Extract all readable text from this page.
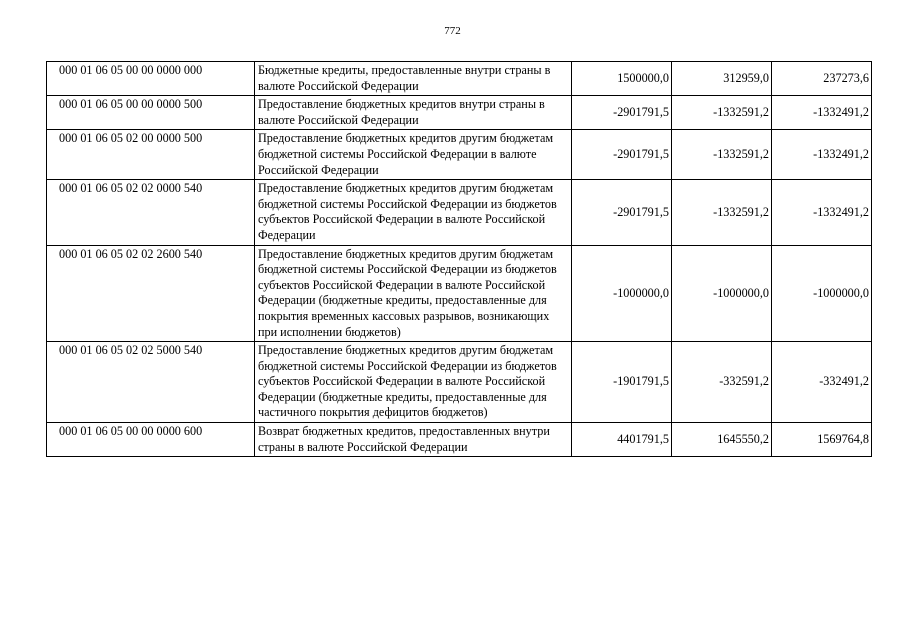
772
000 01 06 05 00 00 0000 000	Бюджетные кредиты, предоставленные внутри страны в валюте Российской Федерации	1500000,0	312959,0	237273,6
000 01 06 05 00 00 0000 500	Предоставление бюджетных кредитов внутри страны в валюте Российской Федерации	-2901791,5	-1332591,2	-1332491,2
000 01 06 05 02 00 0000 500	Предоставление бюджетных кредитов другим бюджетам бюджетной системы Российской Федерации в валюте Российской Федерации	-2901791,5	-1332591,2	-1332491,2
000 01 06 05 02 02 0000 540	Предоставление бюджетных кредитов другим бюджетам бюджетной системы Российской Федерации из бюджетов субъектов Российской Федерации в валюте Российской Федерации	-2901791,5	-1332591,2	-1332491,2
000 01 06 05 02 02 2600 540	Предоставление бюджетных кредитов другим бюджетам бюджетной системы Российской Федерации из бюджетов субъектов Российской Федерации в валюте Российской Федерации (бюджетные кредиты, предоставленные для покрытия временных кассовых разрывов, возникающих при исполнении бюджетов)	-1000000,0	-1000000,0	-1000000,0
000 01 06 05 02 02 5000 540	Предоставление бюджетных кредитов другим бюджетам бюджетной системы Российской Федерации из бюджетов субъектов Российской Федерации в валюте Российской Федерации (бюджетные кредиты, предоставленные для частичного покрытия дефицитов бюджетов)	-1901791,5	-332591,2	-332491,2
000 01 06 05 00 00 0000 600	Возврат бюджетных кредитов, предоставленных внутри страны в валюте Российской Федерации	4401791,5	1645550,2	1569764,8
